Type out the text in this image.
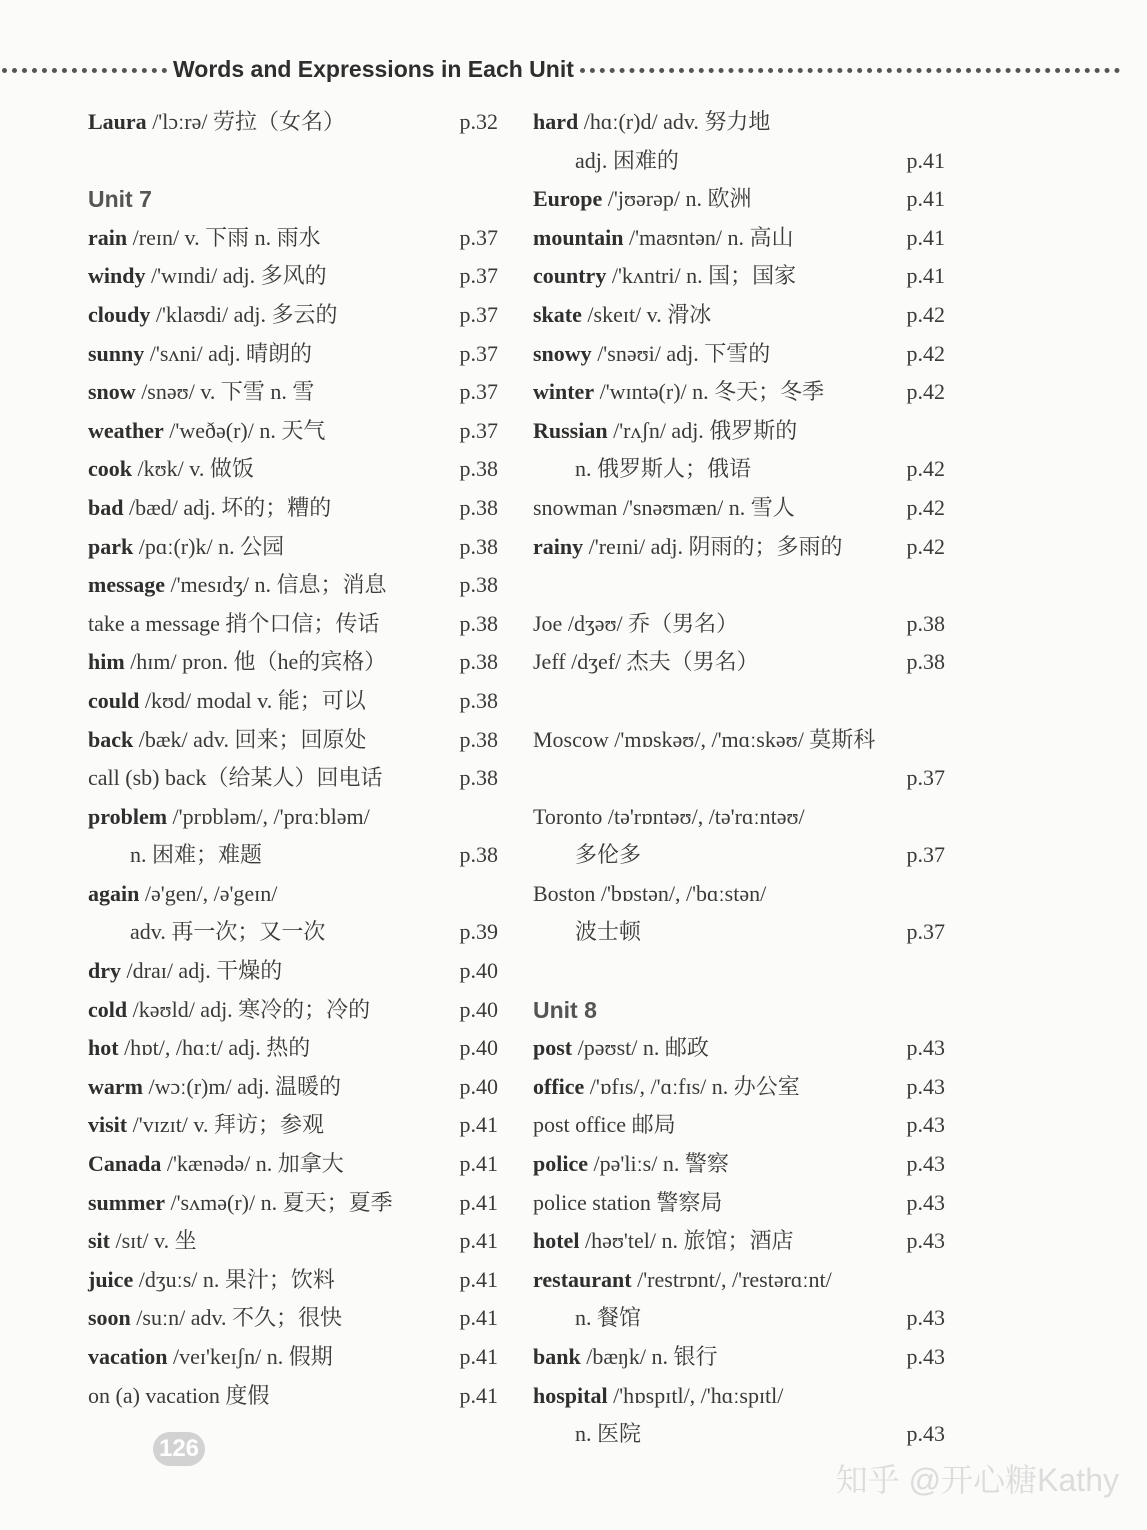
Words and Expressions in Each Unit
Laura /'lɔːrə/ 劳拉（女名）	p.32
Unit 7
rain /reɪn/ v. 下雨 n. 雨水	p.37
windy /'wɪndi/ adj. 多风的	p.37
cloudy /'klaʊdi/ adj. 多云的	p.37
sunny /'sʌni/ adj. 晴朗的	p.37
snow /snəʊ/ v. 下雪 n. 雪	p.37
weather /'weðə(r)/ n. 天气	p.37
cook /kʊk/ v. 做饭	p.38
bad /bæd/ adj. 坏的；糟的	p.38
park /pɑː(r)k/ n. 公园	p.38
message /'mesɪdʒ/ n. 信息；消息	p.38
take a message 捎个口信；传话	p.38
him /hɪm/ pron. 他（he的宾格）	p.38
could /kʊd/ modal v. 能；可以	p.38
back /bæk/ adv. 回来；回原处	p.38
call (sb) back（给某人）回电话	p.38
problem /'prɒbləm/, /'prɑːbləm/
n. 困难；难题	p.38
again /ə'gen/, /ə'geɪn/
adv. 再一次；又一次	p.39
dry /draɪ/ adj. 干燥的	p.40
cold /kəʊld/ adj. 寒冷的；冷的	p.40
hot /hɒt/, /hɑːt/ adj. 热的	p.40
warm /wɔː(r)m/ adj. 温暖的	p.40
visit /'vɪzɪt/ v. 拜访；参观	p.41
Canada /'kænədə/ n. 加拿大	p.41
summer /'sʌmə(r)/ n. 夏天；夏季	p.41
sit /sɪt/ v. 坐	p.41
juice /dʒuːs/ n. 果汁；饮料	p.41
soon /suːn/ adv. 不久；很快	p.41
vacation /veɪ'keɪʃn/ n. 假期	p.41
on (a) vacation 度假	p.41
hard /hɑː(r)d/ adv. 努力地
adj. 困难的	p.41
Europe /'jʊərəp/ n. 欧洲	p.41
mountain /'maʊntən/ n. 高山	p.41
country /'kʌntri/ n. 国；国家	p.41
skate /skeɪt/ v. 滑冰	p.42
snowy /'snəʊi/ adj. 下雪的	p.42
winter /'wɪntə(r)/ n. 冬天；冬季	p.42
Russian /'rʌʃn/ adj. 俄罗斯的
n. 俄罗斯人；俄语	p.42
snowman /'snəʊmæn/ n. 雪人	p.42
rainy /'reɪni/ adj. 阴雨的；多雨的	p.42
Joe /dʒəʊ/ 乔（男名）	p.38
Jeff /dʒef/ 杰夫（男名）	p.38
Moscow /'mɒskəʊ/, /'mɑːskəʊ/ 莫斯科
p.37
Toronto /tə'rɒntəʊ/, /tə'rɑːntəʊ/
多伦多	p.37
Boston /'bɒstən/, /'bɑːstən/
波士顿	p.37
Unit 8
post /pəʊst/ n. 邮政	p.43
office /'ɒfɪs/, /'ɑːfɪs/ n. 办公室	p.43
post office 邮局	p.43
police /pə'liːs/ n. 警察	p.43
police station 警察局	p.43
hotel /həʊ'tel/ n. 旅馆；酒店	p.43
restaurant /'restrɒnt/, /'restərɑːnt/
n. 餐馆	p.43
bank /bæŋk/ n. 银行	p.43
hospital /'hɒspɪtl/, /'hɑːspɪtl/
n. 医院	p.43
126
知乎 @开心糖Kathy
